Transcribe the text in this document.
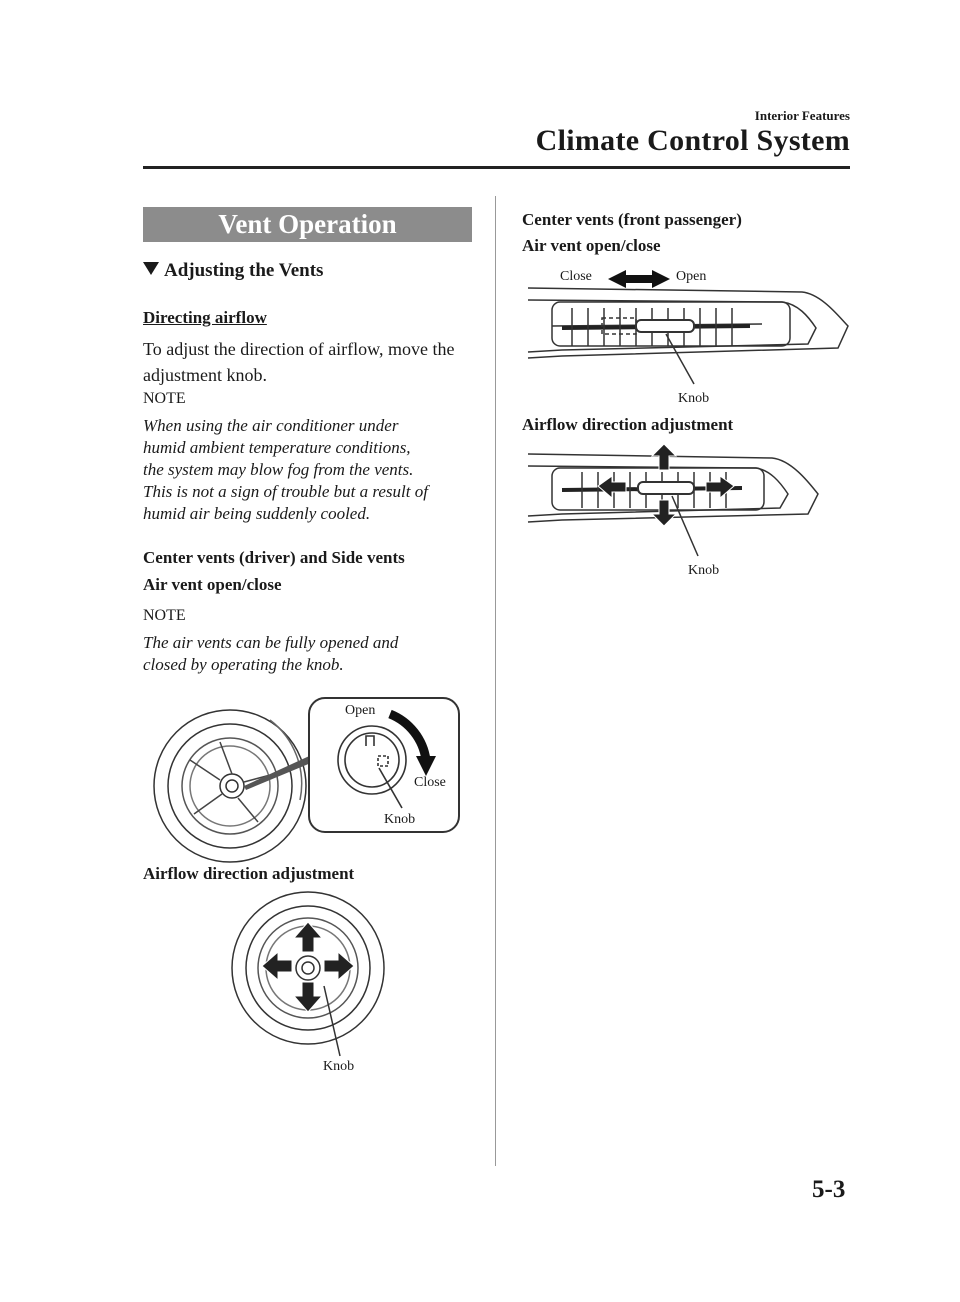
Interior Features
Climate Control System
Vent Operation
Adjusting the Vents
Directing airflow
To adjust the direction of airflow, move the
adjustment knob.
NOTE
When using the air conditioner under
humid ambient temperature conditions,
the system may blow fog from the vents.
This is not a sign of trouble but a result of
humid air being suddenly cooled.
Center vents (driver) and Side vents
Air vent open/close
NOTE
The air vents can be fully opened and
closed by operating the knob.
Open
Close
Knob
Airflow direction adjustment
Knob
Center vents (front passenger)
Air vent open/close
Close	Open
Knob
Airflow direction adjustment
Knob
5-3
